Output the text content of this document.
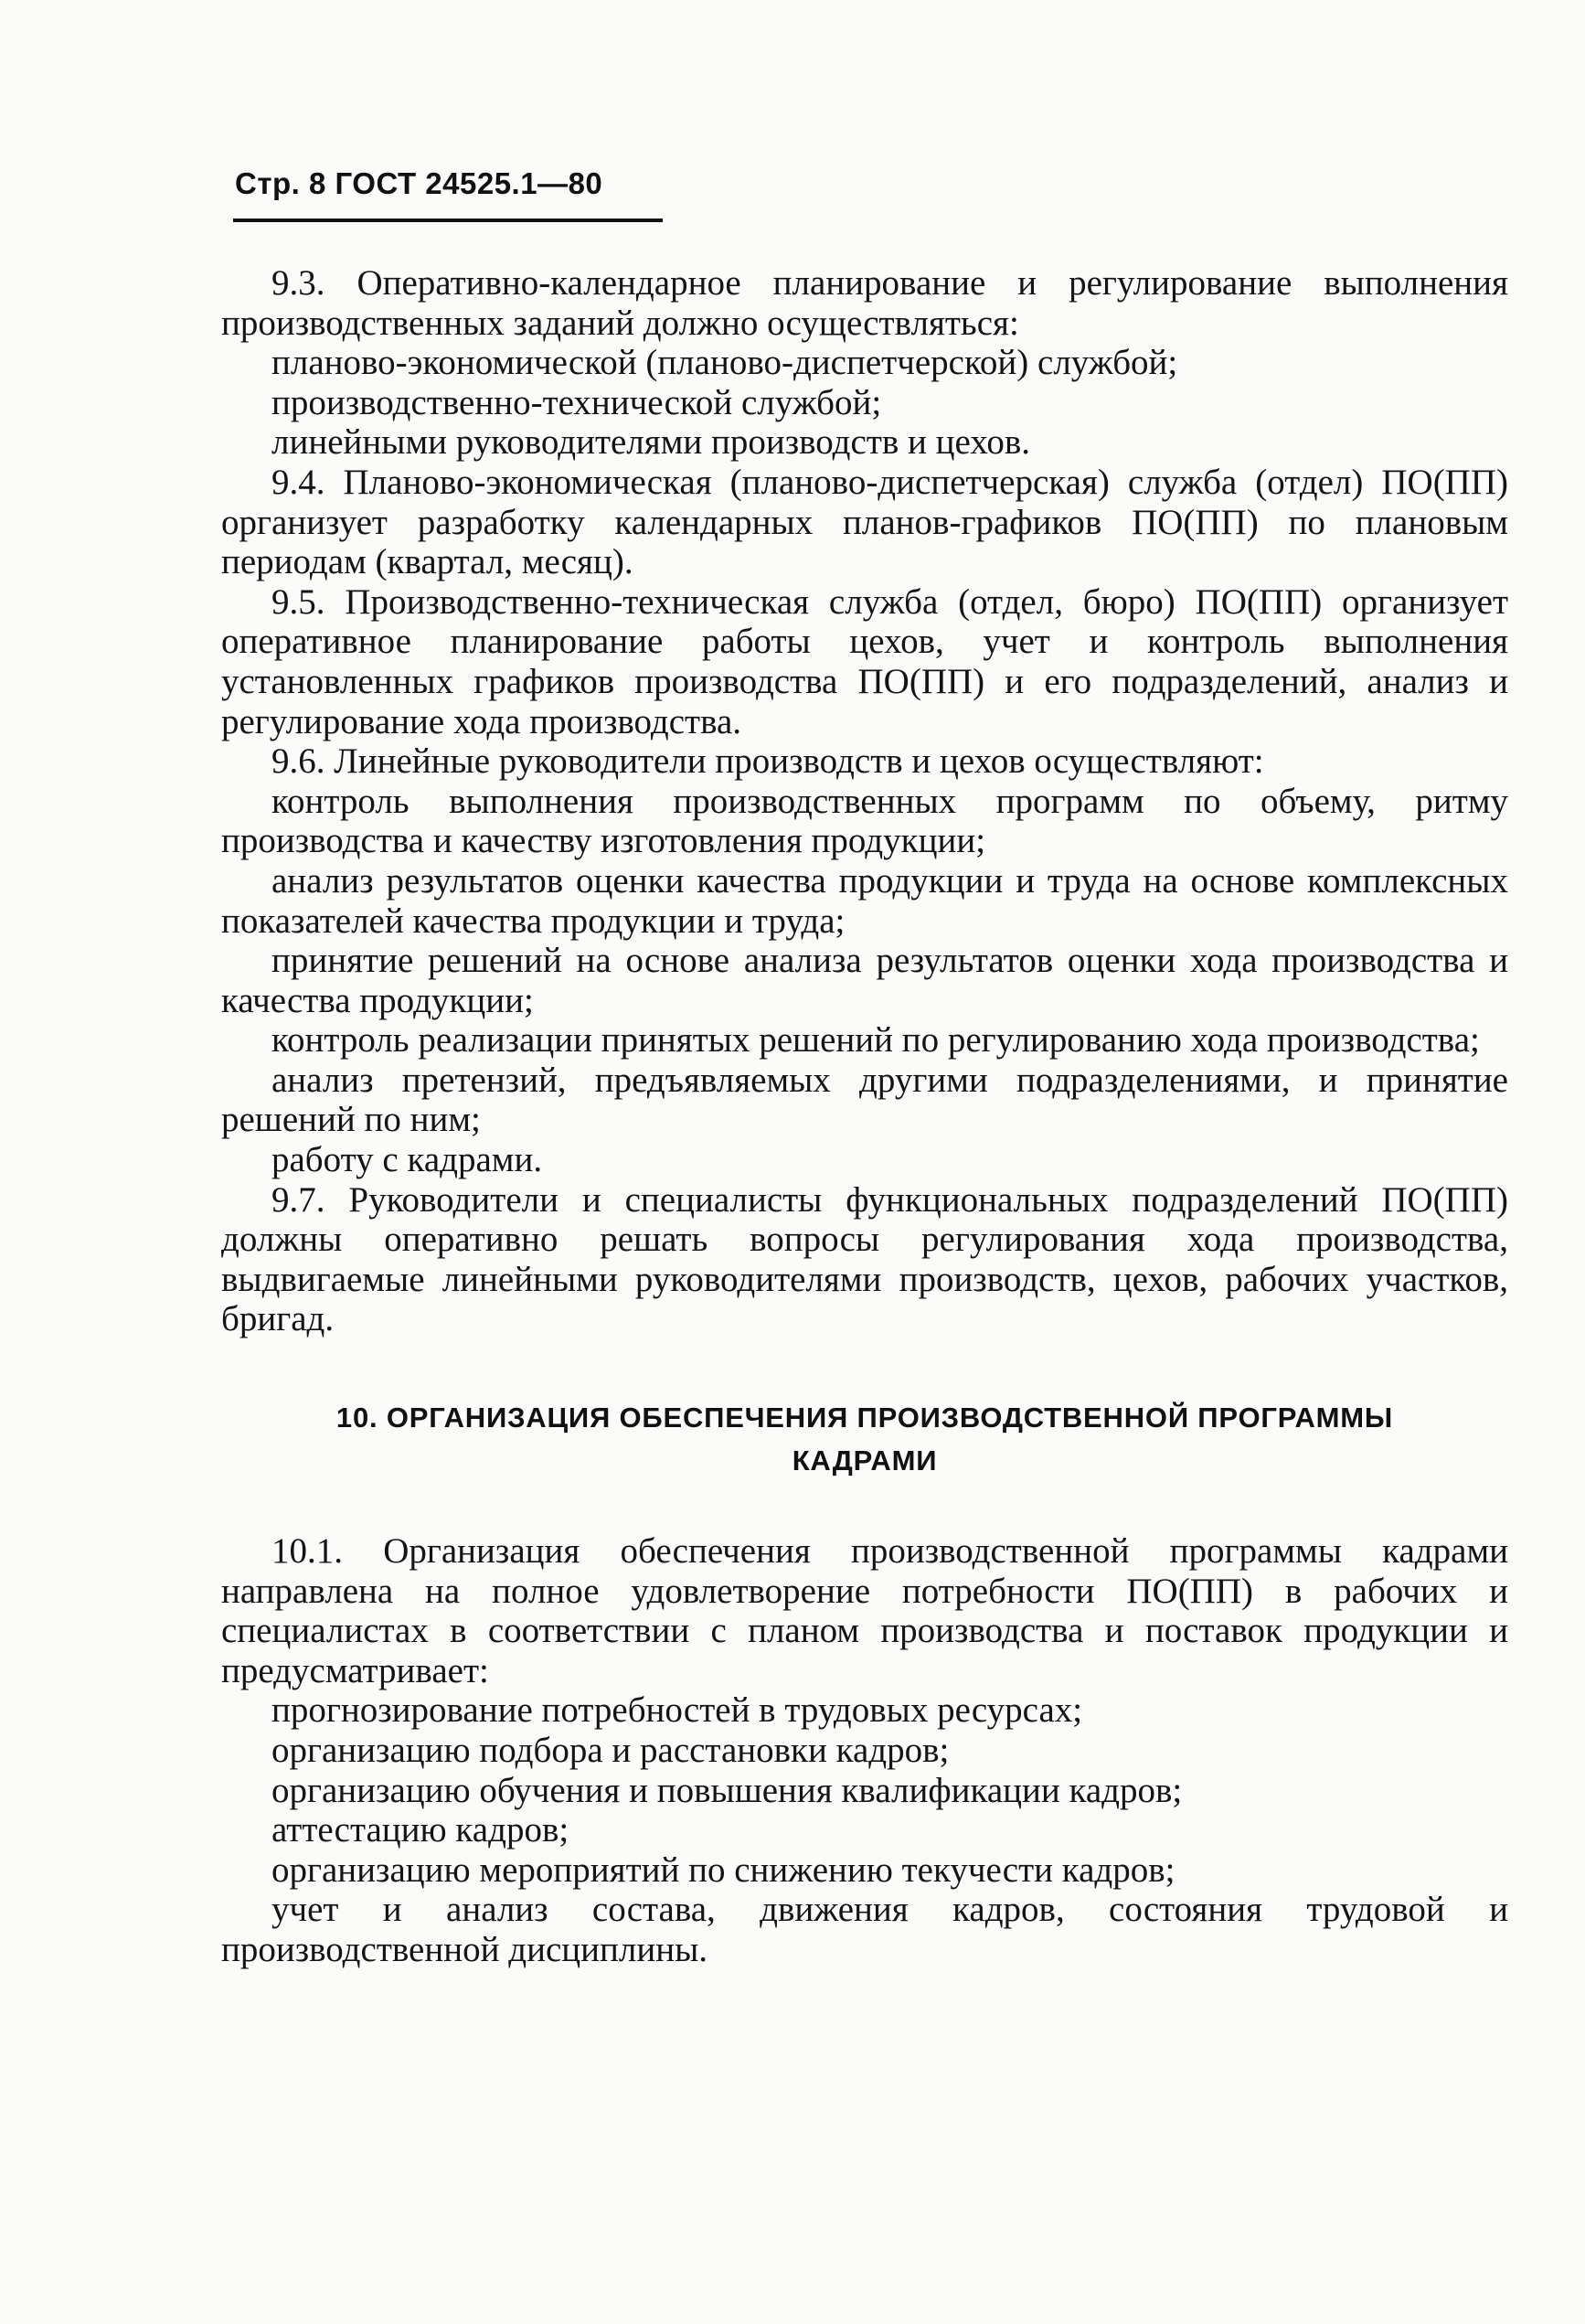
Стр. 8 ГОСТ 24525.1—80

9.3. Оперативно-календарное планирование и регулирование выполнения производственных заданий должно осуществляться:

планово-экономической (планово-диспетчерской) службой;

производственно-технической службой;

линейными руководителями производств и цехов.

9.4. Планово-экономическая (планово-диспетчерская) служба (отдел) ПО(ПП) организует разработку календарных планов-графиков ПО(ПП) по плановым периодам (квартал, месяц).

9.5. Производственно-техническая служба (отдел, бюро) ПО(ПП) организует оперативное планирование работы цехов, учет и контроль выполнения установленных графиков производства ПО(ПП) и его подразделений, анализ и регулирование хода производства.

9.6. Линейные руководители производств и цехов осуществляют:

контроль выполнения производственных программ по объему, ритму производства и качеству изготовления продукции;

анализ результатов оценки качества продукции и труда на основе комплексных показателей качества продукции и труда;

принятие решений на основе анализа результатов оценки хода производства и качества продукции;

контроль реализации принятых решений по регулированию хода производства;

анализ претензий, предъявляемых другими подразделениями, и принятие решений по ним;

работу с кадрами.

9.7. Руководители и специалисты функциональных подразделений ПО(ПП) должны оперативно решать вопросы регулирования хода производства, выдвигаемые линейными руководителями производств, цехов, рабочих участков, бригад.

10. ОРГАНИЗАЦИЯ ОБЕСПЕЧЕНИЯ ПРОИЗВОДСТВЕННОЙ ПРОГРАММЫ
КАДРАМИ

10.1. Организация обеспечения производственной программы кадрами направлена на полное удовлетворение потребности ПО(ПП) в рабочих и специалистах в соответствии с планом производства и поставок продукции и предусматривает:

прогнозирование потребностей в трудовых ресурсах;

организацию подбора и расстановки кадров;

организацию обучения и повышения квалификации кадров;

аттестацию кадров;

организацию мероприятий по снижению текучести кадров;

учет и анализ состава, движения кадров, состояния трудовой и производственной дисциплины.
